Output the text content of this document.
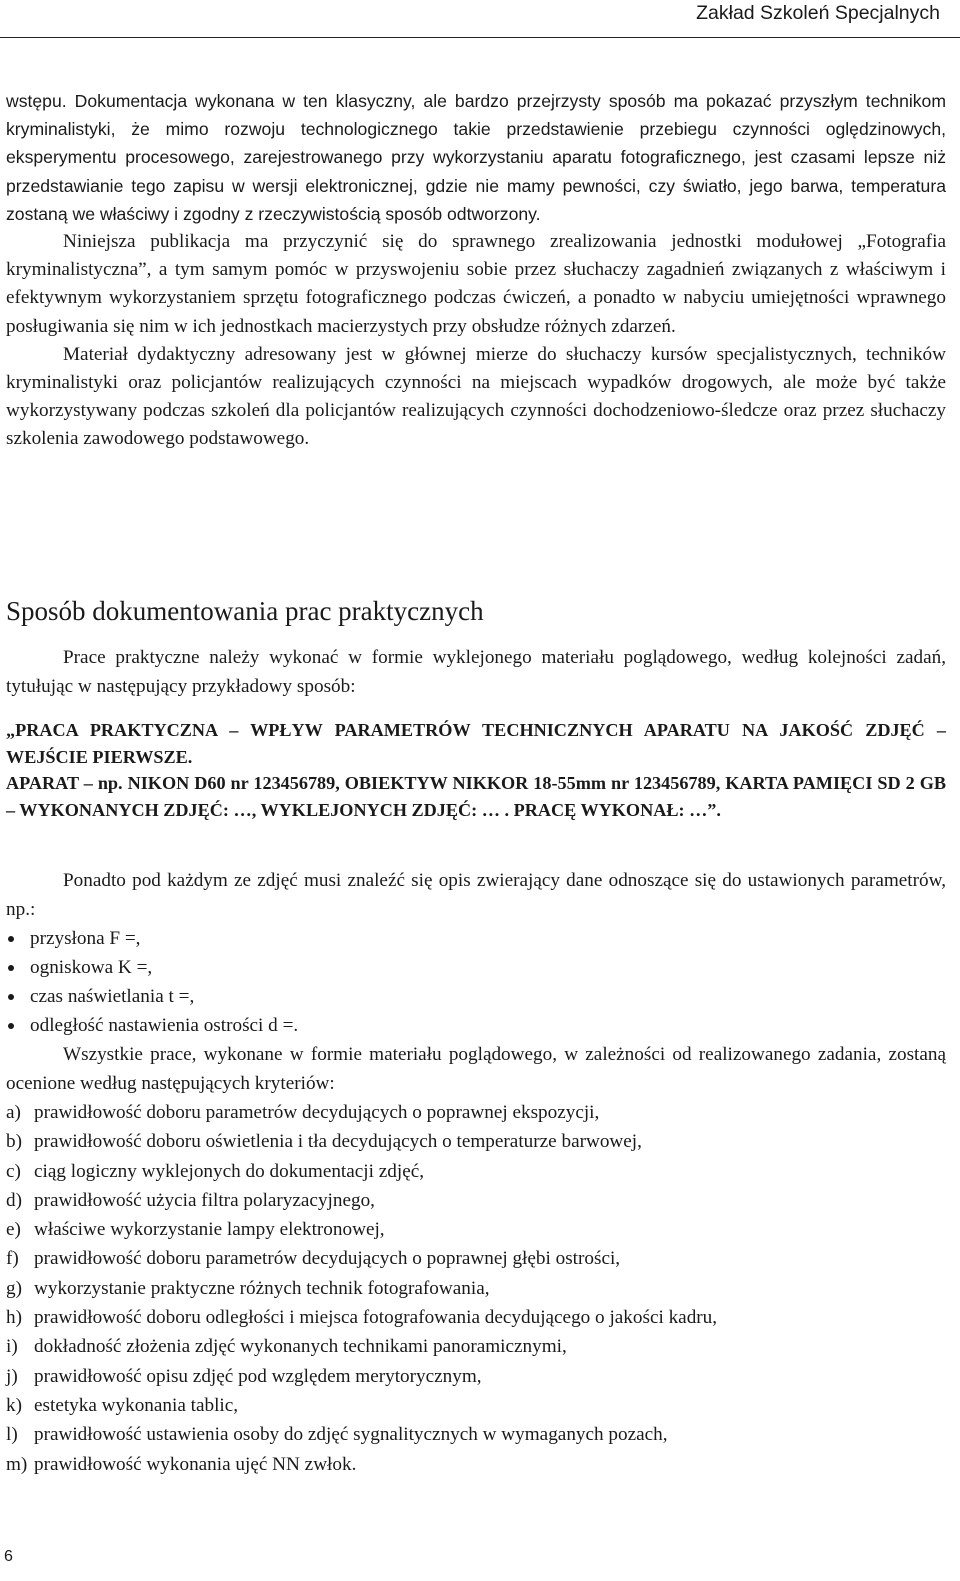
Zakład Szkoleń Specjalnych

wstępu. Dokumentacja wykonana w ten klasyczny, ale bardzo przejrzysty sposób ma pokazać przyszłym technikom kryminalistyki, że mimo rozwoju technologicznego takie przedstawienie przebiegu czynności oględzinowych, eksperymentu procesowego, zarejestrowanego przy wykorzystaniu aparatu fotograficznego, jest czasami lepsze niż przedstawianie tego zapisu w wersji elektronicznej, gdzie nie mamy pewności, czy światło, jego barwa, temperatura zostaną we właściwy i zgodny z rzeczywistością sposób odtworzony.

Niniejsza publikacja ma przyczynić się do sprawnego zrealizowania jednostki modułowej „Fotografia kryminalistyczna”, a tym samym pomóc w przyswojeniu sobie przez słuchaczy zagadnień związanych z właściwym i efektywnym wykorzystaniem sprzętu fotograficznego podczas ćwiczeń, a ponadto w nabyciu umiejętności wprawnego posługiwania się nim w ich jednostkach macierzystych przy obsłudze różnych zdarzeń.

Materiał dydaktyczny adresowany jest w głównej mierze do słuchaczy kursów specjalistycznych, techników kryminalistyki oraz policjantów realizujących czynności na miejscach wypadków drogowych, ale może być także wykorzystywany podczas szkoleń dla policjantów realizujących czynności dochodzeniowo-śledcze oraz przez słuchaczy szkolenia zawodowego podstawowego.

Sposób dokumentowania prac praktycznych

Prace praktyczne należy wykonać w formie wyklejonego materiału poglądowego, według kolejności zadań, tytułując w następujący przykładowy sposób:

„PRACA PRAKTYCZNA – WPŁYW PARAMETRÓW TECHNICZNYCH APARATU NA JAKOŚĆ ZDJĘĆ – WEJŚCIE PIERWSZE.

APARAT – np. NIKON D60 nr 123456789, OBIEKTYW NIKKOR 18-55mm nr 123456789, KARTA PAMIĘCI SD 2 GB – WYKONANYCH ZDJĘĆ: …, WYKLEJONYCH ZDJĘĆ: … . PRACĘ WYKONAŁ: …”.

Ponadto pod każdym ze zdjęć musi znaleźć się opis zwierający dane odnoszące się do ustawionych parametrów, np.:

przysłona F =,
ogniskowa K =,
czas naświetlania t =,
odległość nastawienia ostrości d =.

Wszystkie prace, wykonane w formie materiału poglądowego, w zależności od realizowanego zadania, zostaną ocenione według następujących kryteriów:

a) prawidłowość doboru parametrów decydujących o poprawnej ekspozycji,
b) prawidłowość doboru oświetlenia i tła decydujących o temperaturze barwowej,
c) ciąg logiczny wyklejonych do dokumentacji zdjęć,
d) prawidłowość użycia filtra polaryzacyjnego,
e) właściwe wykorzystanie lampy elektronowej,
f) prawidłowość doboru parametrów decydujących o poprawnej głębi ostrości,
g) wykorzystanie praktyczne różnych technik fotografowania,
h) prawidłowość doboru odległości i miejsca fotografowania decydującego o jakości kadru,
i) dokładność złożenia zdjęć wykonanych technikami panoramicznymi,
j) prawidłowość opisu zdjęć pod względem merytorycznym,
k) estetyka wykonania tablic,
l) prawidłowość ustawienia osoby do zdjęć sygnalitycznych w wymaganych pozach,
m) prawidłowość wykonania ujęć NN zwłok.
6
